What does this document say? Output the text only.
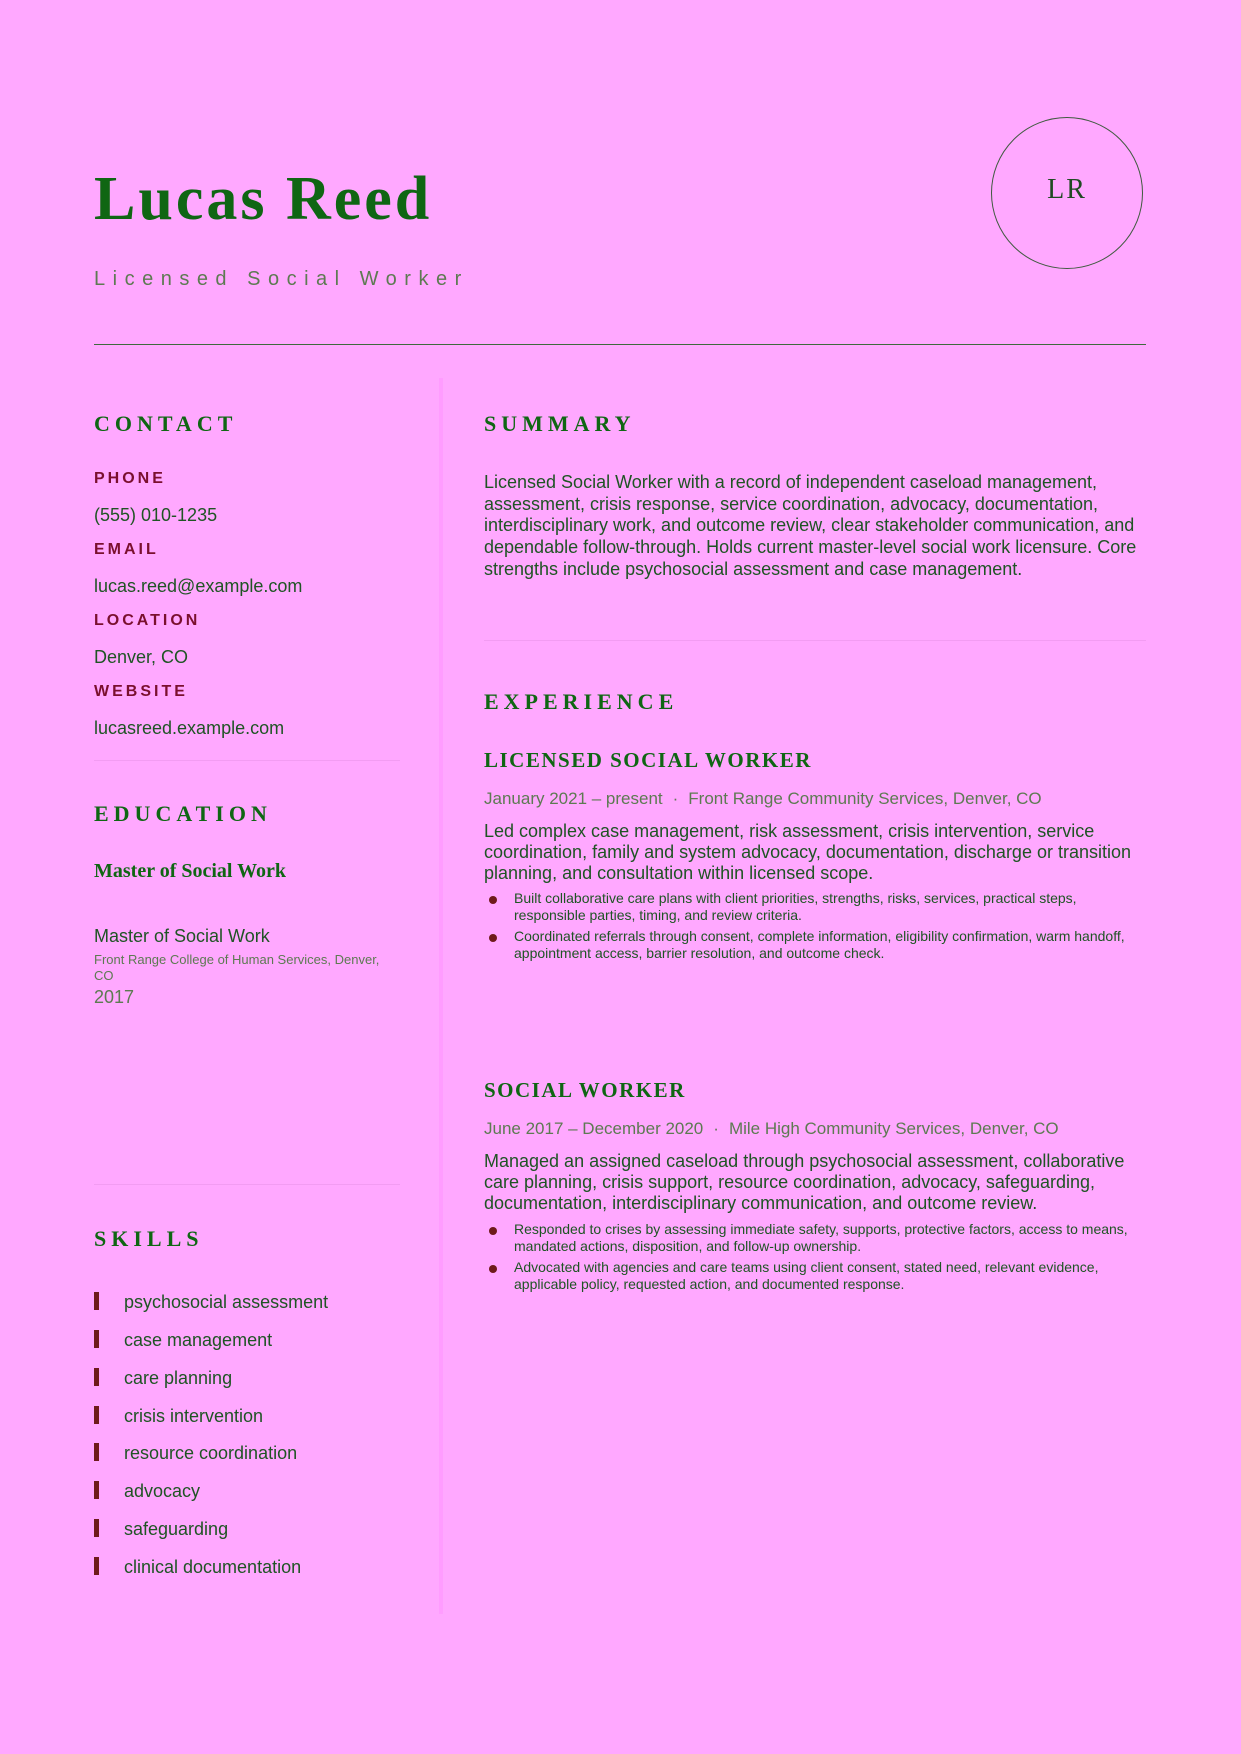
Lucas Reed
Licensed Social Worker
LR
CONTACT
PHONE
(555) 010-1235
EMAIL
lucas.reed@example.com
LOCATION
Denver, CO
WEBSITE
lucasreed.example.com
EDUCATION
Master of Social Work
Master of Social Work
Front Range College of Human Services, Denver, CO
2017
SKILLS
psychosocial assessment
case management
care planning
crisis intervention
resource coordination
advocacy
safeguarding
clinical documentation
SUMMARY

Licensed Social Worker with a record of independent caseload management, assessment, crisis response, service coordination, advocacy, documentation, interdisciplinary work, and outcome review, clear stakeholder communication, and dependable follow-through. Holds current master-level social work licensure. Core strengths include psychosocial assessment and case management.

EXPERIENCE
LICENSED SOCIAL WORKER
January 2021 – present · Front Range Community Services, Denver, CO

Led complex case management, risk assessment, crisis intervention, service coordination, family and system advocacy, documentation, discharge or transition planning, and consultation within licensed scope.

Built collaborative care plans with client priorities, strengths, risks, services, practical steps, responsible parties, timing, and review criteria.
Coordinated referrals through consent, complete information, eligibility confirmation, warm handoff, appointment access, barrier resolution, and outcome check.
SOCIAL WORKER
June 2017 – December 2020 · Mile High Community Services, Denver, CO

Managed an assigned caseload through psychosocial assessment, collaborative care planning, crisis support, resource coordination, advocacy, safeguarding, documentation, interdisciplinary communication, and outcome review.

Responded to crises by assessing immediate safety, supports, protective factors, access to means, mandated actions, disposition, and follow-up ownership.
Advocated with agencies and care teams using client consent, stated need, relevant evidence, applicable policy, requested action, and documented response.
